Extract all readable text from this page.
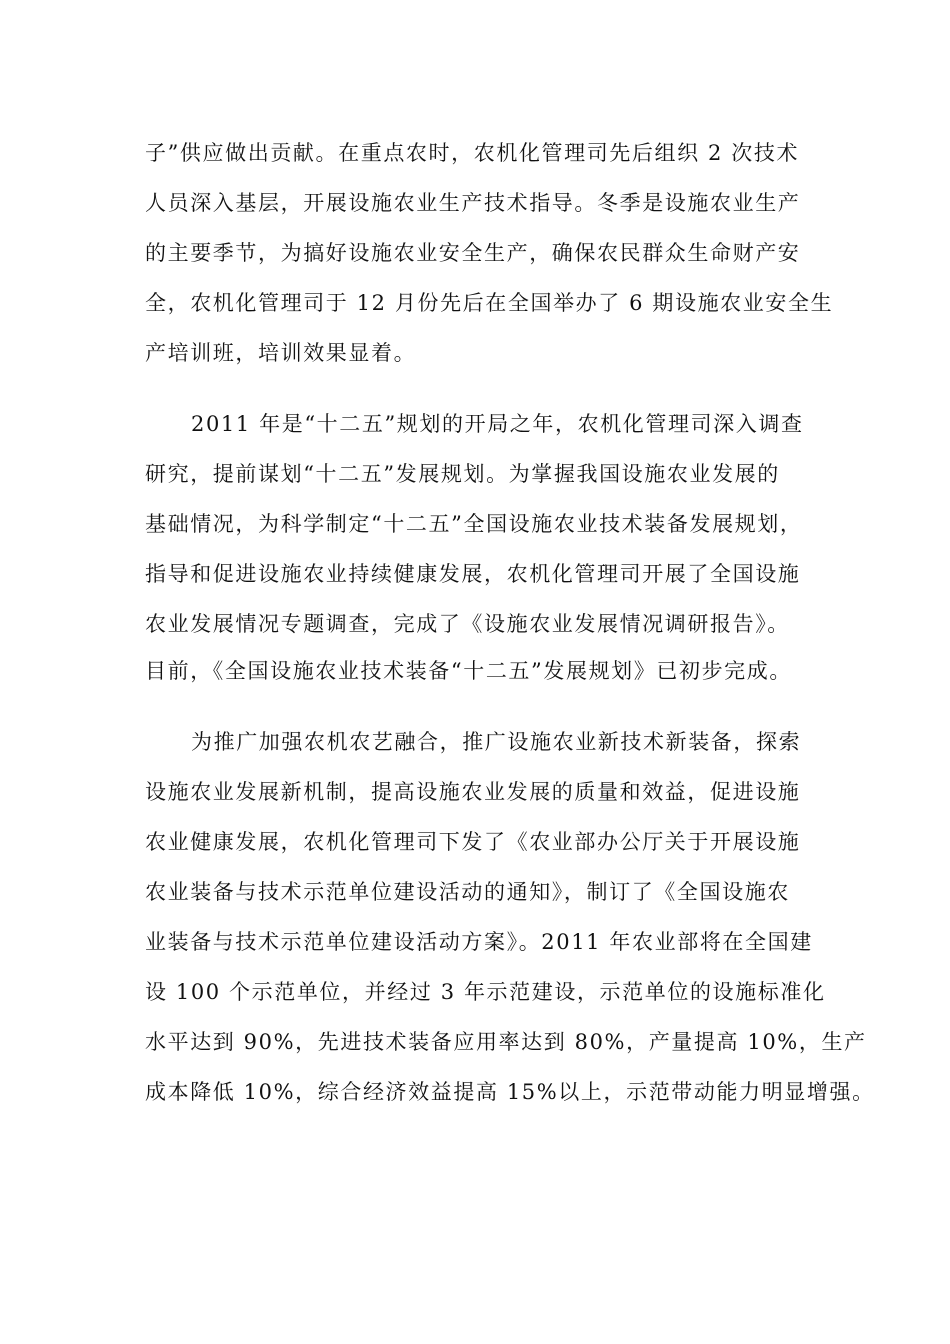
子”供应做出贡献。在重点农时，农机化管理司先后组织 2 次技术
人员深入基层，开展设施农业生产技术指导。冬季是设施农业生产
的主要季节，为搞好设施农业安全生产，确保农民群众生命财产安
全，农机化管理司于 12 月份先后在全国举办了 6 期设施农业安全生
产培训班，培训效果显着。
2011 年是“十二五”规划的开局之年，农机化管理司深入调查
研究，提前谋划“十二五”发展规划。为掌握我国设施农业发展的
基础情况，为科学制定“十二五”全国设施农业技术装备发展规划，
指导和促进设施农业持续健康发展，农机化管理司开展了全国设施
农业发展情况专题调查，完成了《设施农业发展情况调研报告》。
目前，《全国设施农业技术装备“十二五”发展规划》已初步完成。
为推广加强农机农艺融合，推广设施农业新技术新装备，探索
设施农业发展新机制，提高设施农业发展的质量和效益，促进设施
农业健康发展，农机化管理司下发了《农业部办公厅关于开展设施
农业装备与技术示范单位建设活动的通知》，制订了《全国设施农
业装备与技术示范单位建设活动方案》。2011 年农业部将在全国建
设 100 个示范单位，并经过 3 年示范建设，示范单位的设施标准化
水平达到 90%，先进技术装备应用率达到 80%，产量提高 10%，生产
成本降低 10%，综合经济效益提高 15%以上，示范带动能力明显增强。
